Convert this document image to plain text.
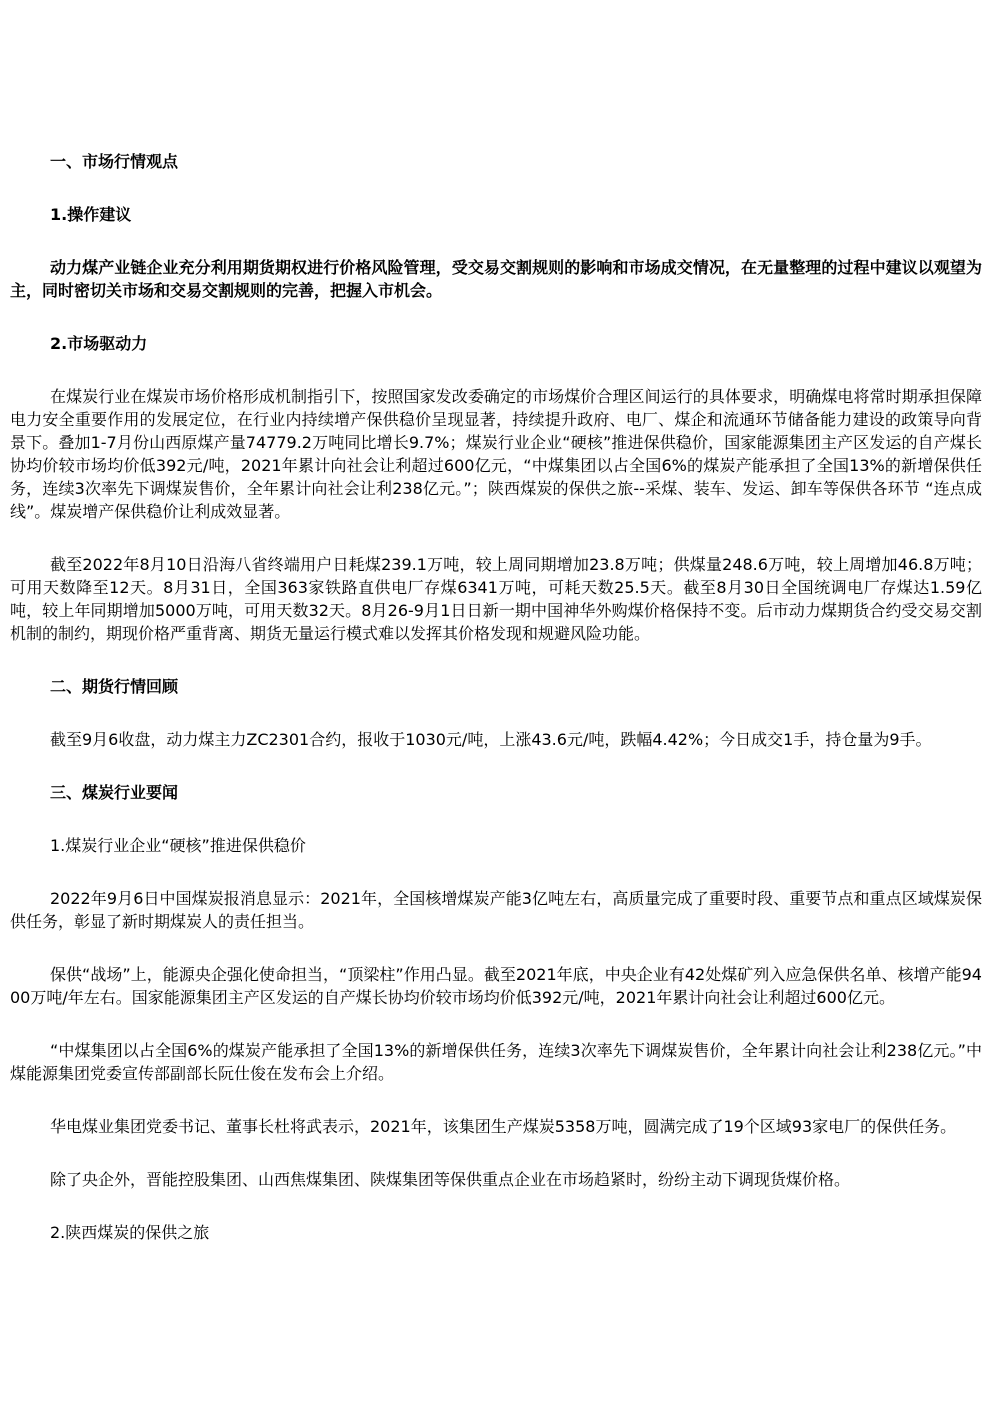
一、市场行情观点
1.操作建议
动力煤产业链企业充分利用期货期权进行价格风险管理，受交易交割规则的影响和市场成交情况，在无量整理的过程中建议以观望为主，同时密切关市场和交易交割规则的完善，把握入市机会。
2.市场驱动力
在煤炭行业在煤炭市场价格形成机制指引下，按照国家发改委确定的市场煤价合理区间运行的具体要求，明确煤电将常时期承担保障电力安全重要作用的发展定位，在行业内持续增产保供稳价呈现显著，持续提升政府、电厂、煤企和流通环节储备能力建设的政策导向背景下。叠加1-7月份山西原煤产量74779.2万吨同比增长9.7%；煤炭行业企业“硬核”推进保供稳价，国家能源集团主产区发运的自产煤长协均价较市场均价低392元/吨，2021年累计向社会让利超过600亿元，“中煤集团以占全国6%的煤炭产能承担了全国13%的新增保供任务，连续3次率先下调煤炭售价，全年累计向社会让利238亿元。”；陕西煤炭的保供之旅--采煤、装车、发运、卸车等保供各环节 “连点成线”。煤炭增产保供稳价让利成效显著。
截至2022年8月10日沿海八省终端用户日耗煤239.1万吨，较上周同期增加23.8万吨；供煤量248.6万吨，较上周增加46.8万吨；可用天数降至12天。8月31日，全国363家铁路直供电厂存煤6341万吨，可耗天数25.5天。截至8月30日全国统调电厂存煤达1.59亿吨，较上年同期增加5000万吨，可用天数32天。8月26-9月1日日新一期中国神华外购煤价格保持不变。后市动力煤期货合约受交易交割机制的制约，期现价格严重背离、期货无量运行模式难以发挥其价格发现和规避风险功能。
二、期货行情回顾
截至9月6收盘，动力煤主力ZC2301合约，报收于1030元/吨，上涨43.6元/吨，跌幅4.42%；今日成交1手，持仓量为9手。
三、煤炭行业要闻
1.煤炭行业企业“硬核”推进保供稳价
2022年9月6日中国煤炭报消息显示：2021年，全国核增煤炭产能3亿吨左右，高质量完成了重要时段、重要节点和重点区域煤炭保供任务，彰显了新时期煤炭人的责任担当。
保供“战场”上，能源央企强化使命担当，“顶梁柱”作用凸显。截至2021年底，中央企业有42处煤矿列入应急保供名单、核增产能9400万吨/年左右。国家能源集团主产区发运的自产煤长协均价较市场均价低392元/吨，2021年累计向社会让利超过600亿元。
“中煤集团以占全国6%的煤炭产能承担了全国13%的新增保供任务，连续3次率先下调煤炭售价，全年累计向社会让利238亿元。”中煤能源集团党委宣传部副部长阮仕俊在发布会上介绍。
华电煤业集团党委书记、董事长杜将武表示，2021年，该集团生产煤炭5358万吨，圆满完成了19个区域93家电厂的保供任务。
除了央企外，晋能控股集团、山西焦煤集团、陕煤集团等保供重点企业在市场趋紧时，纷纷主动下调现货煤价格。
2.陕西煤炭的保供之旅
